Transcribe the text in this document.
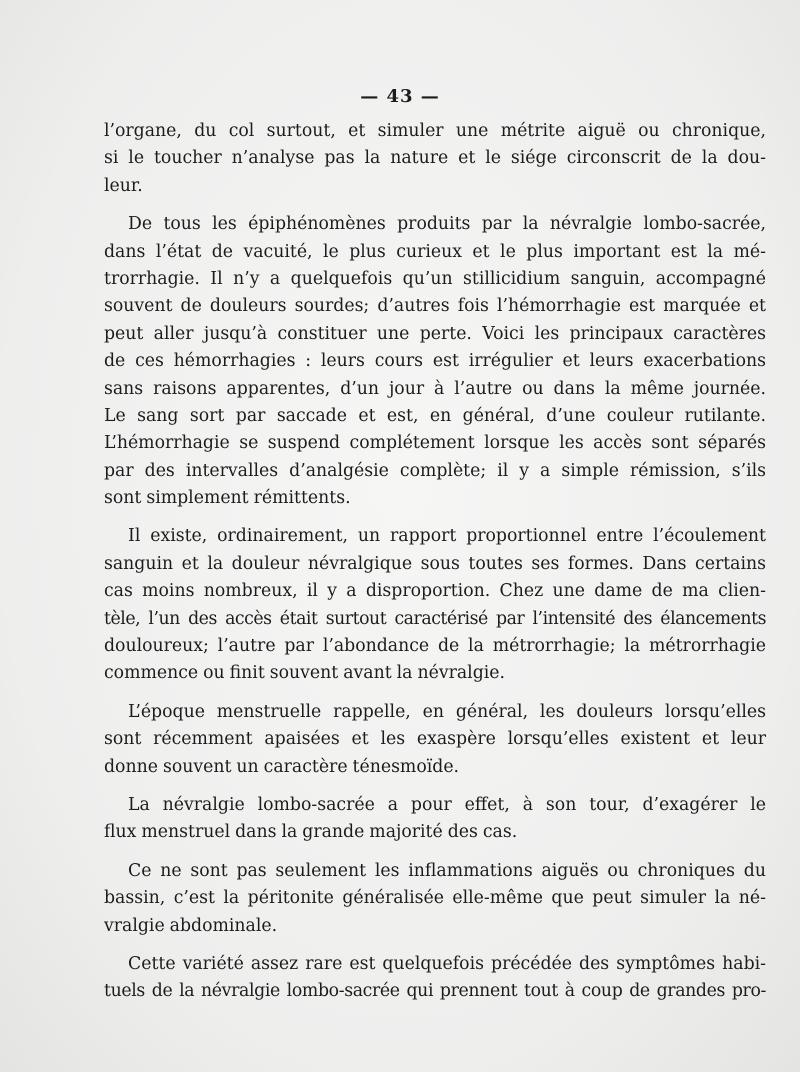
— 43 —
l’organe, du col surtout, et simuler une métrite aiguë ou chronique,
si le toucher n’analyse pas la nature et le siége circonscrit de la dou-
leur.
De tous les épiphénomènes produits par la névralgie lombo-sacrée,
dans l’état de vacuité, le plus curieux et le plus important est la mé-
trorrhagie. Il n’y a quelquefois qu’un stillicidium sanguin, accompagné
souvent de douleurs sourdes; d’autres fois l’hémorrhagie est marquée et
peut aller jusqu’à constituer une perte. Voici les principaux caractères
de ces hémorrhagies : leurs cours est irrégulier et leurs exacerbations
sans raisons apparentes, d’un jour à l’autre ou dans la même journée.
Le sang sort par saccade et est, en général, d’une couleur rutilante.
L’hémorrhagie se suspend complétement lorsque les accès sont séparés
par des intervalles d’analgésie complète; il y a simple rémission, s’ils
sont simplement rémittents.
Il existe, ordinairement, un rapport proportionnel entre l’écoulement
sanguin et la douleur névralgique sous toutes ses formes. Dans certains
cas moins nombreux, il y a disproportion. Chez une dame de ma clien-
tèle, l’un des accès était surtout caractérisé par l’intensité des élancements
douloureux; l’autre par l’abondance de la métrorrhagie; la métrorrhagie
commence ou finit souvent avant la névralgie.
L’époque menstruelle rappelle, en général, les douleurs lorsqu’elles
sont récemment apaisées et les exaspère lorsqu’elles existent et leur
donne souvent un caractère ténesmoïde.
La névralgie lombo-sacrée a pour effet, à son tour, d’exagérer le
flux menstruel dans la grande majorité des cas.
Ce ne sont pas seulement les inflammations aiguës ou chroniques du
bassin, c’est la péritonite généralisée elle-même que peut simuler la né-
vralgie abdominale.
Cette variété assez rare est quelquefois précédée des symptômes habi-
tuels de la névralgie lombo-sacrée qui prennent tout à coup de grandes pro-
